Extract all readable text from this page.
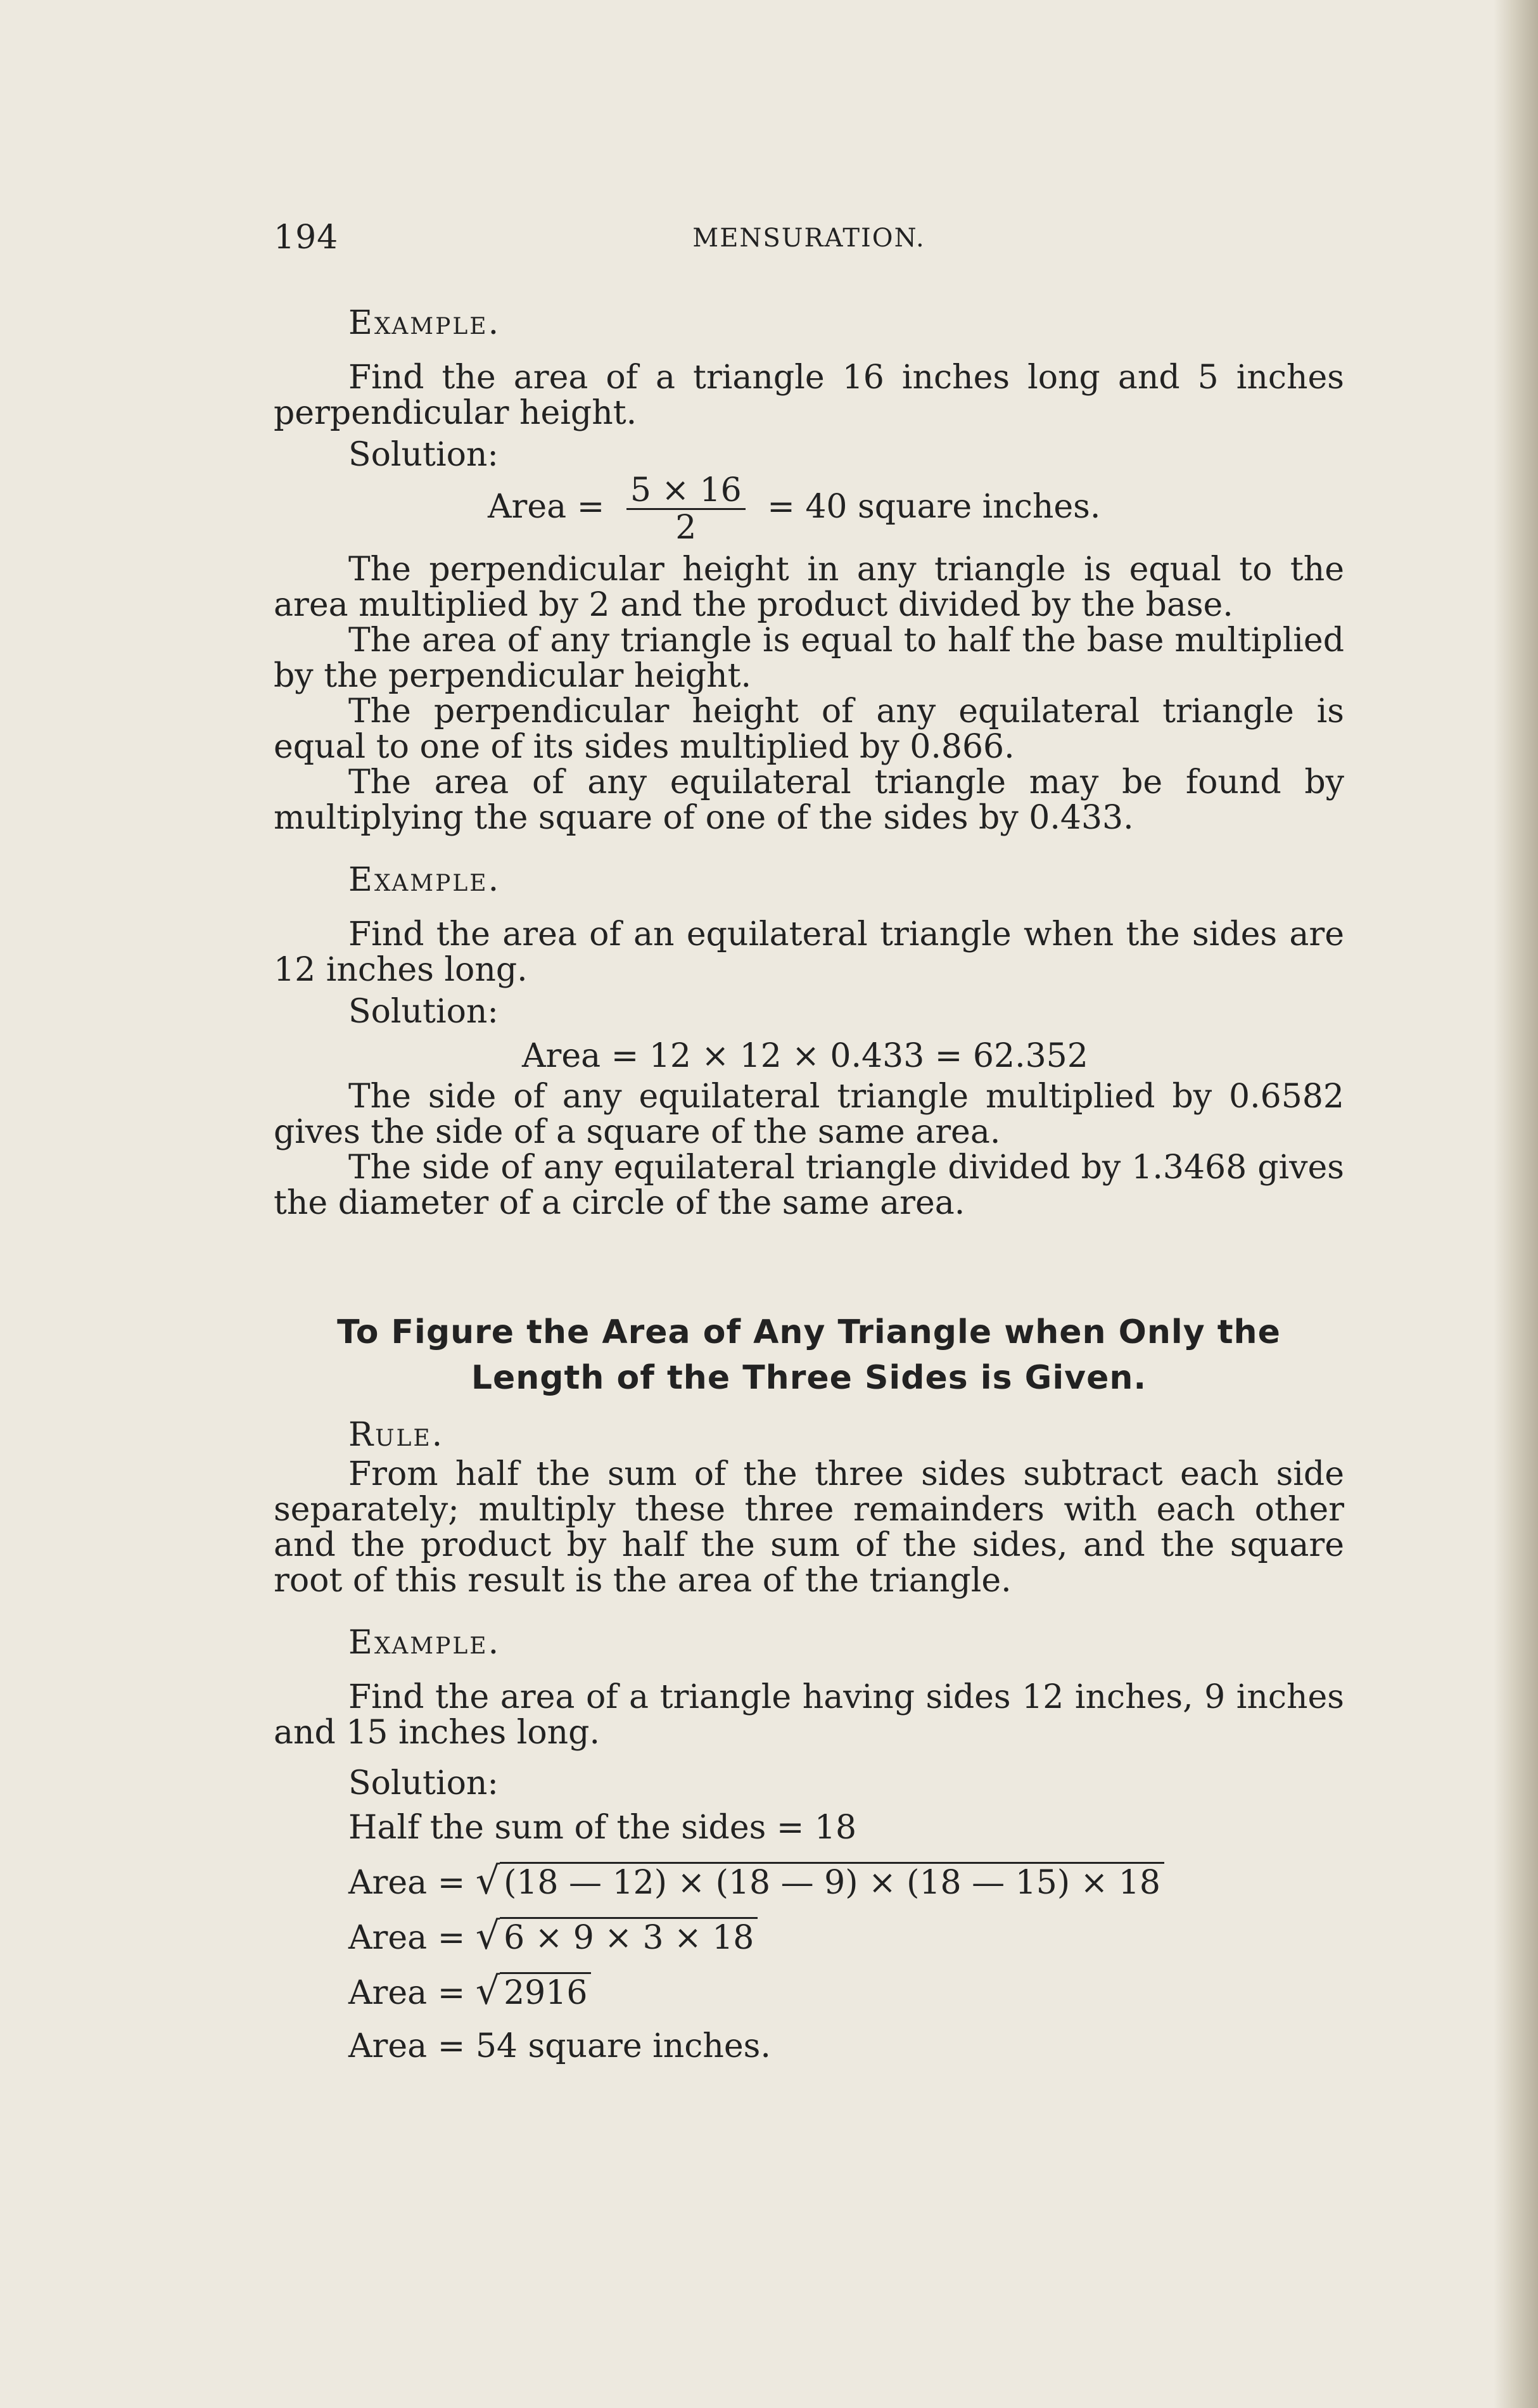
194	MENSURATION.
Example.

Find the area of a triangle 16 inches long and 5 inches perpendicular height.

Solution:
Area = $\frac{5 \times 16}{2} = 40$ square inches.

The perpendicular height in any triangle is equal to the area multiplied by 2 and the product divided by the base.

The area of any triangle is equal to half the base multiplied by the perpendicular height.

The perpendicular height of any equilateral triangle is equal to one of its sides multiplied by 0.866.

The area of any equilateral triangle may be found by multiplying the square of one of the sides by 0.433.

Example.

Find the area of an equilateral triangle when the sides are 12 inches long.

Solution:
Area = 12 × 12 × 0.433 = 62.352

The side of any equilateral triangle multiplied by 0.6582 gives the side of a square of the same area.

The side of any equilateral triangle divided by 1.3468 gives the diameter of a circle of the same area.

To Figure the Area of Any Triangle when Only the
Length of the Three Sides is Given.
Rule.

From half the sum of the three sides subtract each side separately; multiply these three remainders with each other and the product by half the sum of the sides, and the square root of this result is the area of the triangle.

Example.

Find the area of a triangle having sides 12 inches, 9 inches and 15 inches long.

Solution:
Half the sum of the sides = 18
Area = √ (18 — 12) × (18 — 9) × (18 — 15) × 18
Area = √ 6 × 9 × 3 × 18
Area = √ 2916
Area = 54 square inches.
